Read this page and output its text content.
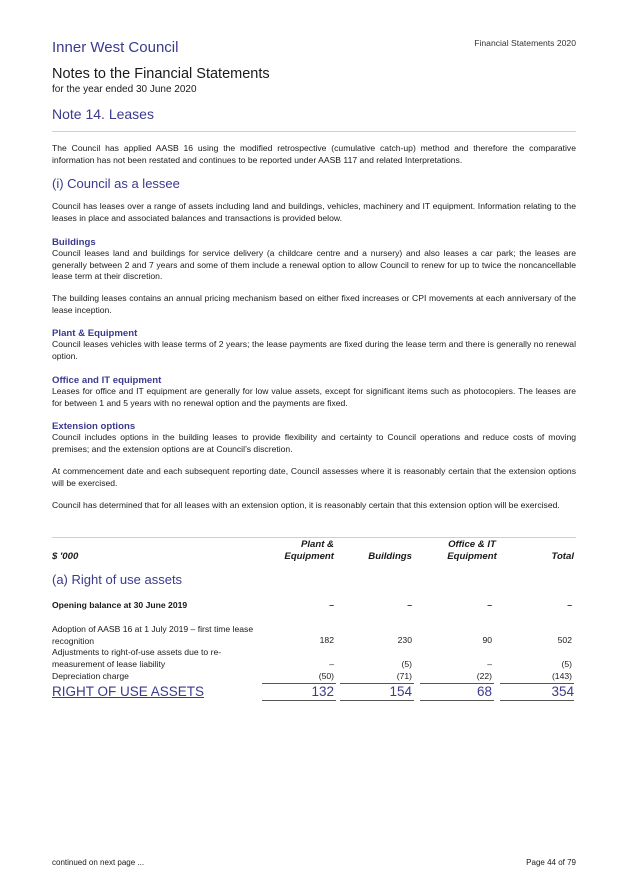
Financial Statements 2020
Inner West Council
Notes to the Financial Statements
for the year ended 30 June 2020
Note 14. Leases
The Council has applied AASB 16 using the modified retrospective (cumulative catch-up) method and therefore the comparative information has not been restated and continues to be reported under AASB 117 and related Interpretations.
(i) Council as a lessee
Council has leases over a range of assets including land and buildings, vehicles, machinery and IT equipment. Information relating to the leases in place and associated balances and transactions is provided below.
Buildings
Council leases land and buildings for service delivery (a childcare centre and a nursery) and also leases a car park; the leases are generally between 2 and 7 years and some of them include a renewal option to allow Council to renew for up to twice the noncancellable lease term at their discretion.
The building leases contains an annual pricing mechanism based on either fixed increases or CPI movements at each anniversary of the lease inception.
Plant & Equipment
Council leases vehicles with lease terms of 2 years; the lease payments are fixed during the lease term and there is generally no renewal option.
Office and IT equipment
Leases for office and IT equipment are generally for low value assets, except for significant items such as photocopiers. The leases are for between 1 and 5 years with no renewal option and the payments are fixed.
Extension options
Council includes options in the building leases to provide flexibility and certainty to Council operations and reduce costs of moving premises; and the extension options are at Council’s discretion.
At commencement date and each subsequent reporting date, Council assesses where it is reasonably certain that the extension options will be exercised.
Council has determined that for all leases with an extension option, it is reasonably certain that this extension option will be exercised.
$ '000
Plant &
Equipment	Buildings
Office & IT
Equipment	Total
(a) Right of use assets
Opening balance at 30 June 2019	–	–	–	–
Adoption of AASB 16 at 1 July 2019 – first time lease recognition	182	230	90	502
Adjustments to right-of-use assets due to re-measurement of lease liability	–	(5)	–	(5)
Depreciation charge	(50)	(71)	(22)	(143)
RIGHT OF USE ASSETS	132	154	68	354
continued on next page ...	Page 44 of 79
